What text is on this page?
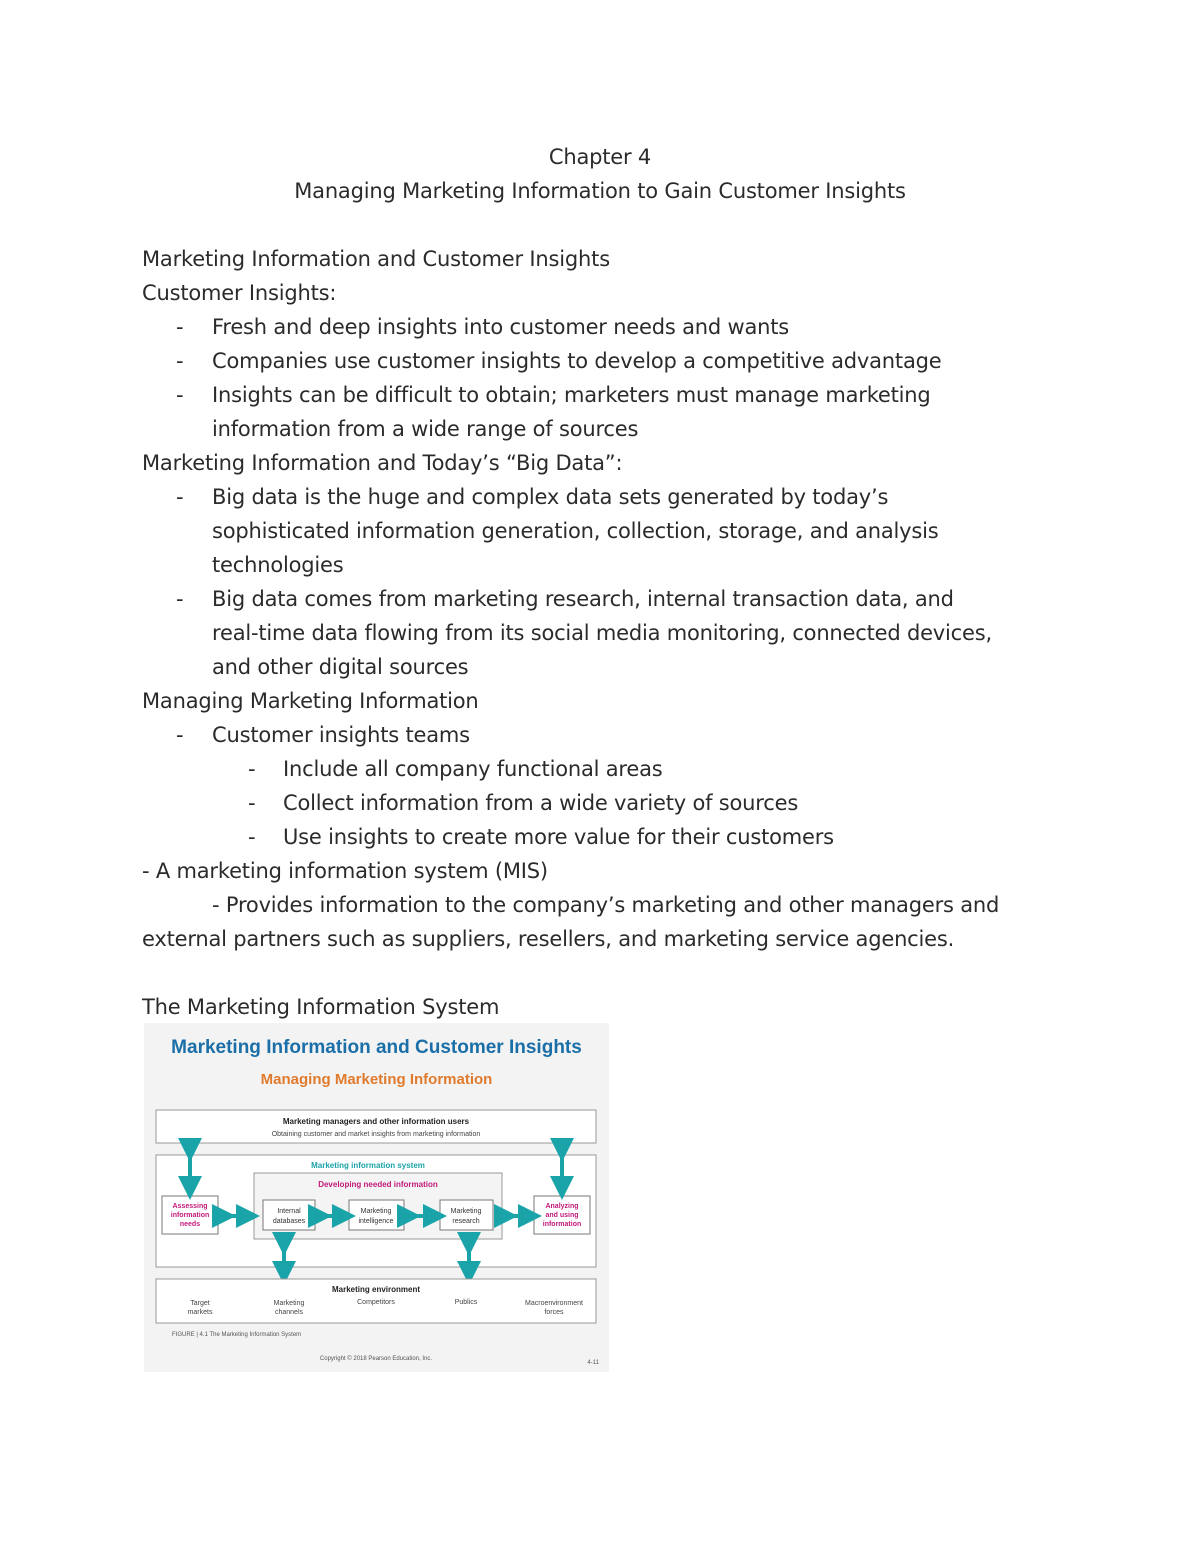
Chapter 4
Managing Marketing Information to Gain Customer Insights
Marketing Information and Customer Insights
Customer Insights:
- Fresh and deep insights into customer needs and wants
- Companies use customer insights to develop a competitive advantage
- Insights can be difficult to obtain; marketers must manage marketing
information from a wide range of sources
Marketing Information and Today’s “Big Data”:
- Big data is the huge and complex data sets generated by today’s
sophisticated information generation, collection, storage, and analysis
technologies
- Big data comes from marketing research, internal transaction data, and
real-time data flowing from its social media monitoring, connected devices,
and other digital sources
Managing Marketing Information
- Customer insights teams
- Include all company functional areas
- Collect information from a wide variety of sources
- Use insights to create more value for their customers
- A marketing information system (MIS)
- Provides information to the company’s marketing and other managers and
external partners such as suppliers, resellers, and marketing service agencies.
The Marketing Information System
Marketing Information and Customer Insights
Managing Marketing Information
Marketing managers and other information users
Obtaining customer and market insights from marketing information
Marketing information system
Developing needed information
Internal
databases
Marketing
intelligence
Marketing
research
Assessing
information
needs
Analyzing
and using
information
Marketing environment
Target
markets
Marketing
channels
Competitors	Publics	Macroenvironment
forces
FIGURE | 4.1 The Marketing Information System
Copyright © 2018 Pearson Education, Inc.
4-11
